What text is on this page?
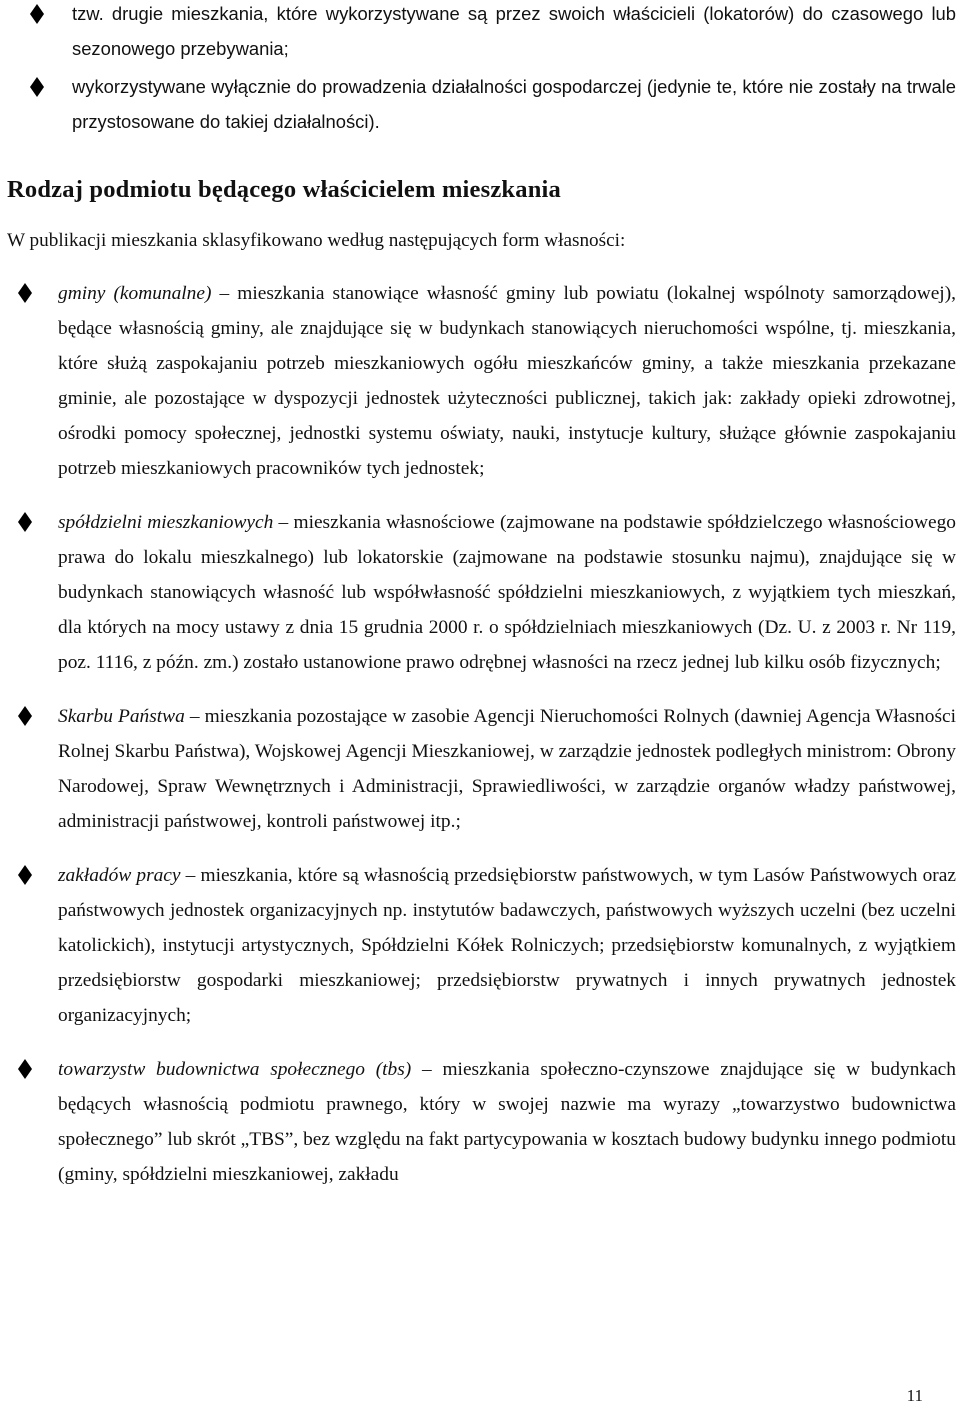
tzw. drugie mieszkania, które wykorzystywane są przez swoich właścicieli (lokatorów) do czasowego lub sezonowego przebywania;
wykorzystywane wyłącznie do prowadzenia działalności gospodarczej (jedynie te, które nie zostały na trwale przystosowane do takiej działalności).
Rodzaj podmiotu będącego właścicielem mieszkania

W publikacji mieszkania sklasyfikowano według następujących form własności:

gminy (komunalne) – mieszkania stanowiące własność gminy lub powiatu (lokalnej wspólnoty samorządowej), będące własnością gminy, ale znajdujące się w budynkach stanowiących nieruchomości wspólne, tj. mieszkania, które służą zaspokajaniu potrzeb mieszkaniowych ogółu mieszkańców gminy, a także mieszkania przekazane gminie, ale pozostające w dyspozycji jednostek użyteczności publicznej, takich jak: zakłady opieki zdrowotnej, ośrodki pomocy społecznej, jednostki systemu oświaty, nauki, instytucje kultury, służące głównie zaspokajaniu potrzeb mieszkaniowych pracowników tych jednostek;
spółdzielni mieszkaniowych – mieszkania własnościowe (zajmowane na podstawie spółdzielczego własnościowego prawa do lokalu mieszkalnego) lub lokatorskie (zajmowane na podstawie stosunku najmu), znajdujące się w budynkach stanowiących własność lub współwłasność spółdzielni mieszkaniowych, z wyjątkiem tych mieszkań, dla których na mocy ustawy z dnia 15 grudnia 2000 r. o spółdzielniach mieszkaniowych (Dz. U. z 2003 r. Nr 119, poz. 1116, z późn. zm.) zostało ustanowione prawo odrębnej własności na rzecz jednej lub kilku osób fizycznych;
Skarbu Państwa – mieszkania pozostające w zasobie Agencji Nieruchomości Rolnych (dawniej Agencja Własności Rolnej Skarbu Państwa), Wojskowej Agencji Mieszkaniowej, w zarządzie jednostek podległych ministrom: Obrony Narodowej, Spraw Wewnętrznych i Administracji, Sprawiedliwości, w zarządzie organów władzy państwowej, administracji państwowej, kontroli państwowej itp.;
zakładów pracy – mieszkania, które są własnością przedsiębiorstw państwowych, w tym Lasów Państwowych oraz państwowych jednostek organizacyjnych np. instytutów badawczych, państwowych wyższych uczelni (bez uczelni katolickich), instytucji artystycznych, Spółdzielni Kółek Rolniczych; przedsiębiorstw komunalnych, z wyjątkiem przedsiębiorstw gospodarki mieszkaniowej; przedsiębiorstw prywatnych i innych prywatnych jednostek organizacyjnych;
towarzystw budownictwa społecznego (tbs) – mieszkania społeczno-czynszowe znajdujące się w budynkach będących własnością podmiotu prawnego, który w swojej nazwie ma wyrazy „towarzystwo budownictwa społecznego” lub skrót „TBS”, bez względu na fakt partycypowania w kosztach budowy budynku innego podmiotu (gminy, spółdzielni mieszkaniowej, zakładu
11
